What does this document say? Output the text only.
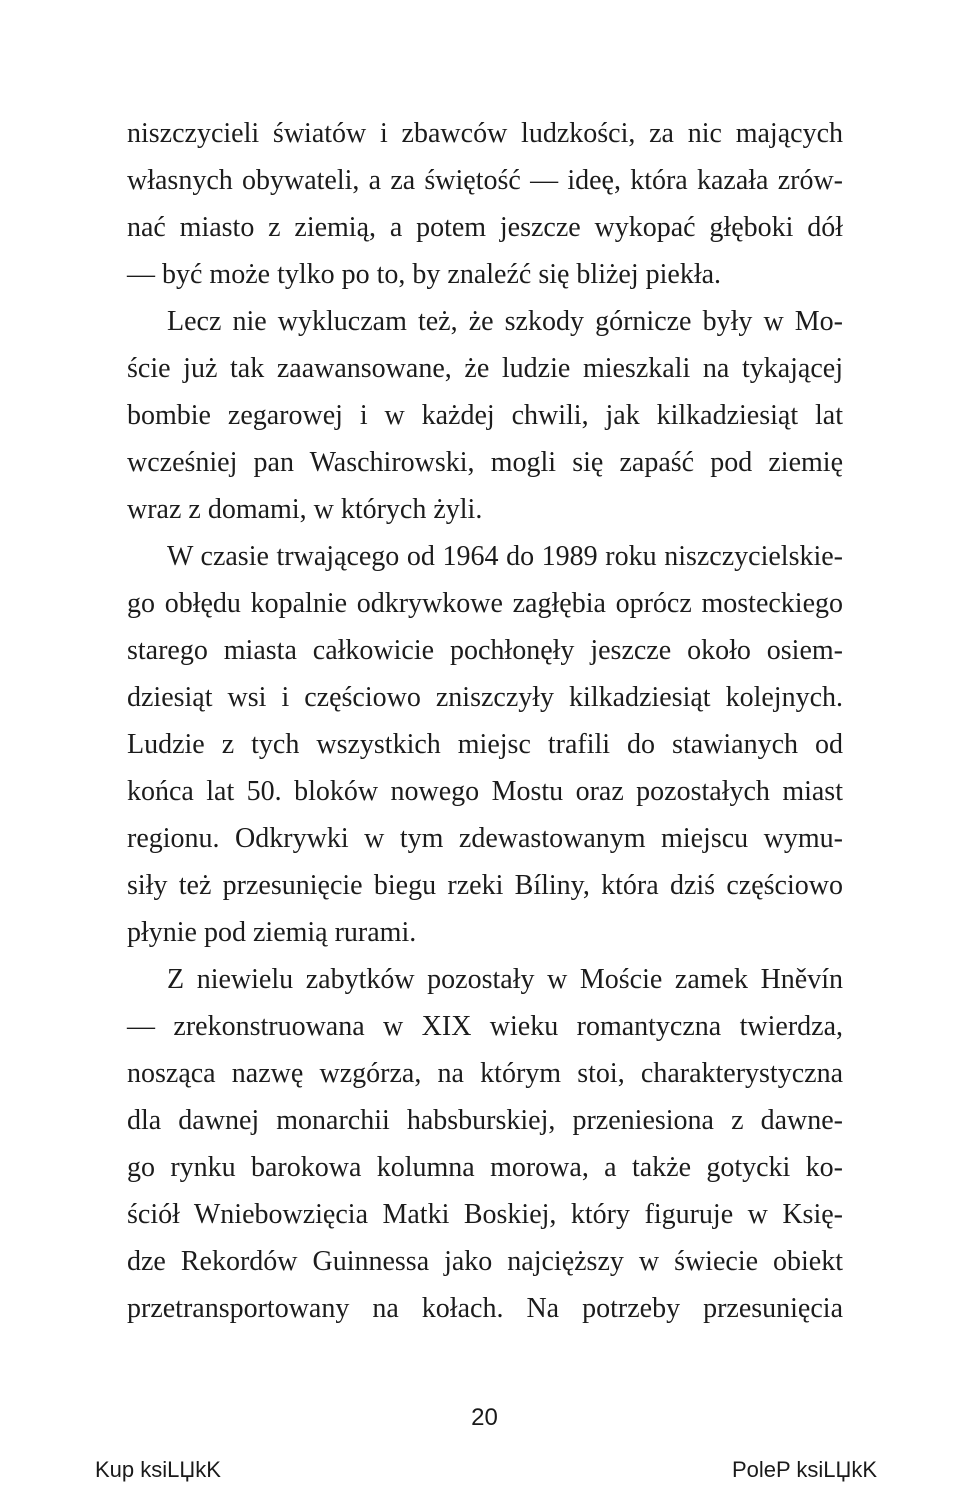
niszczycieli światów i zbawców ludzkości, za nic mających
własnych obywateli, a za świętość — ideę, która kazała zrów-
nać miasto z ziemią, a potem jeszcze wykopać głęboki dół
— być może tylko po to, by znaleźć się bliżej piekła.

Lecz nie wykluczam też, że szkody górnicze były w Mo-
ście już tak zaawansowane, że ludzie mieszkali na tykającej
bombie zegarowej i w każdej chwili, jak kilkadziesiąt lat
wcześniej pan Waschirowski, mogli się zapaść pod ziemię
wraz z domami, w których żyli.

W czasie trwającego od 1964 do 1989 roku niszczycielskie-
go obłędu kopalnie odkrywkowe zagłębia oprócz mosteckiego
starego miasta całkowicie pochłonęły jeszcze około osiem-
dziesiąt wsi i częściowo zniszczyły kilkadziesiąt kolejnych.
Ludzie z tych wszystkich miejsc trafili do stawianych od
końca lat 50. bloków nowego Mostu oraz pozostałych miast
regionu. Odkrywki w tym zdewastowanym miejscu wymu-
siły też przesunięcie biegu rzeki Bíliny, która dziś częściowo
płynie pod ziemią rurami.

Z niewielu zabytków pozostały w Moście zamek Hněvín
— zrekonstruowana w XIX wieku romantyczna twierdza,
nosząca nazwę wzgórza, na którym stoi, charakterystyczna
dla dawnej monarchii habsburskiej, przeniesiona z dawne-
go rynku barokowa kolumna morowa, a także gotycki ko-
ściół Wniebowzięcia Matki Boskiej, który figuruje w Księ-
dze Rekordów Guinnessa jako najcięższy w świecie obiekt
przetransportowany na kołach. Na potrzeby przesunięcia

20
Kup ksiLЏkK	PoleP ksiLЏkK
